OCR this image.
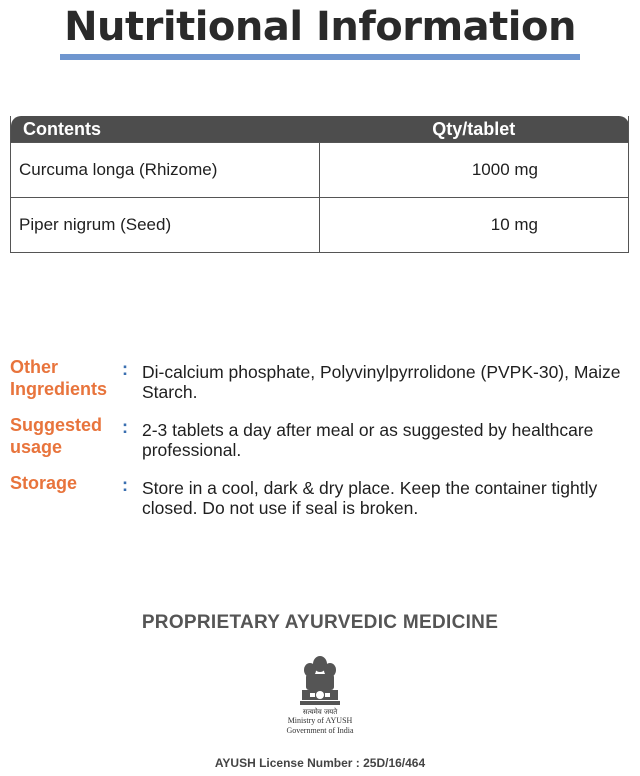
Nutritional Information
Contents	Qty/tablet
Curcuma longa (Rhizome)	1000 mg
Piper nigrum (Seed)	10 mg
Other Ingredients
: Di-calcium phosphate, Polyvinylpyrrolidone (PVPK-30), Maize Starch.
Suggested usage
: 2-3 tablets a day after meal or as suggested by healthcare professional.
Storage	: Store in a cool, dark & dry place. Keep the container tightly closed. Do not use if seal is broken.
PROPRIETARY AYURVEDIC MEDICINE
सत्यमेव जयते
Ministry of AYUSH
Government of India
AYUSH License Number : 25D/16/464
